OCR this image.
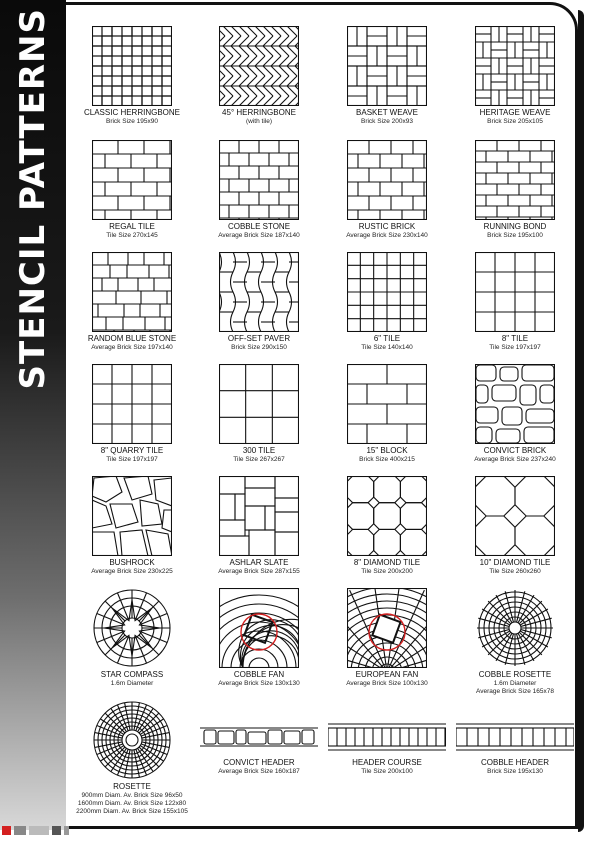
STENCIL PATTERNS	CLASSIC HERRINGBONE
Brick Size 195x90
45° HERRINGBONE
(with tile)
BASKET WEAVE
Brick Size 200x93
HERITAGE WEAVE
Brick Size 205x105
REGAL TILE
Tile Size 270x145
COBBLE STONE
Average Brick Size 187x140
RUSTIC BRICK
Average Brick Size 230x140
RUNNING BOND
Brick Size 195x100
RANDOM BLUE STONE
Average Brick Size 197x140
OFF-SET PAVER
Brick Size 290x150
6" TILE
Tile Size 140x140
8" TILE
Tile Size 197x197
8" QUARRY TILE
Tile Size 197x197
300 TILE
Tile Size 267x267
15" BLOCK
Brick Size 400x215
CONVICT BRICK
Average Brick Size 237x240
BUSHROCK
Average Brick Size 230x225
ASHLAR SLATE
Average Brick Size 287x155
8" DIAMOND TILE
Tile Size 200x200
10" DIAMOND TILE
Tile Size 260x260
STAR COMPASS
1.6m Diameter
COBBLE FAN
Average Brick Size 130x130
EUROPEAN FAN
Average Brick Size 100x130
COBBLE ROSETTE
1.6m Diameter
Average Brick Size 165x78
ROSETTE
900mm Diam. Av. Brick Size 96x50
1600mm Diam. Av. Brick Size 122x80
2200mm Diam. Av. Brick Size 155x105
CONVICT HEADER
Average Brick Size 160x187
HEADER COURSE
Tile Size 200x100
COBBLE HEADER
Brick Size 195x130
